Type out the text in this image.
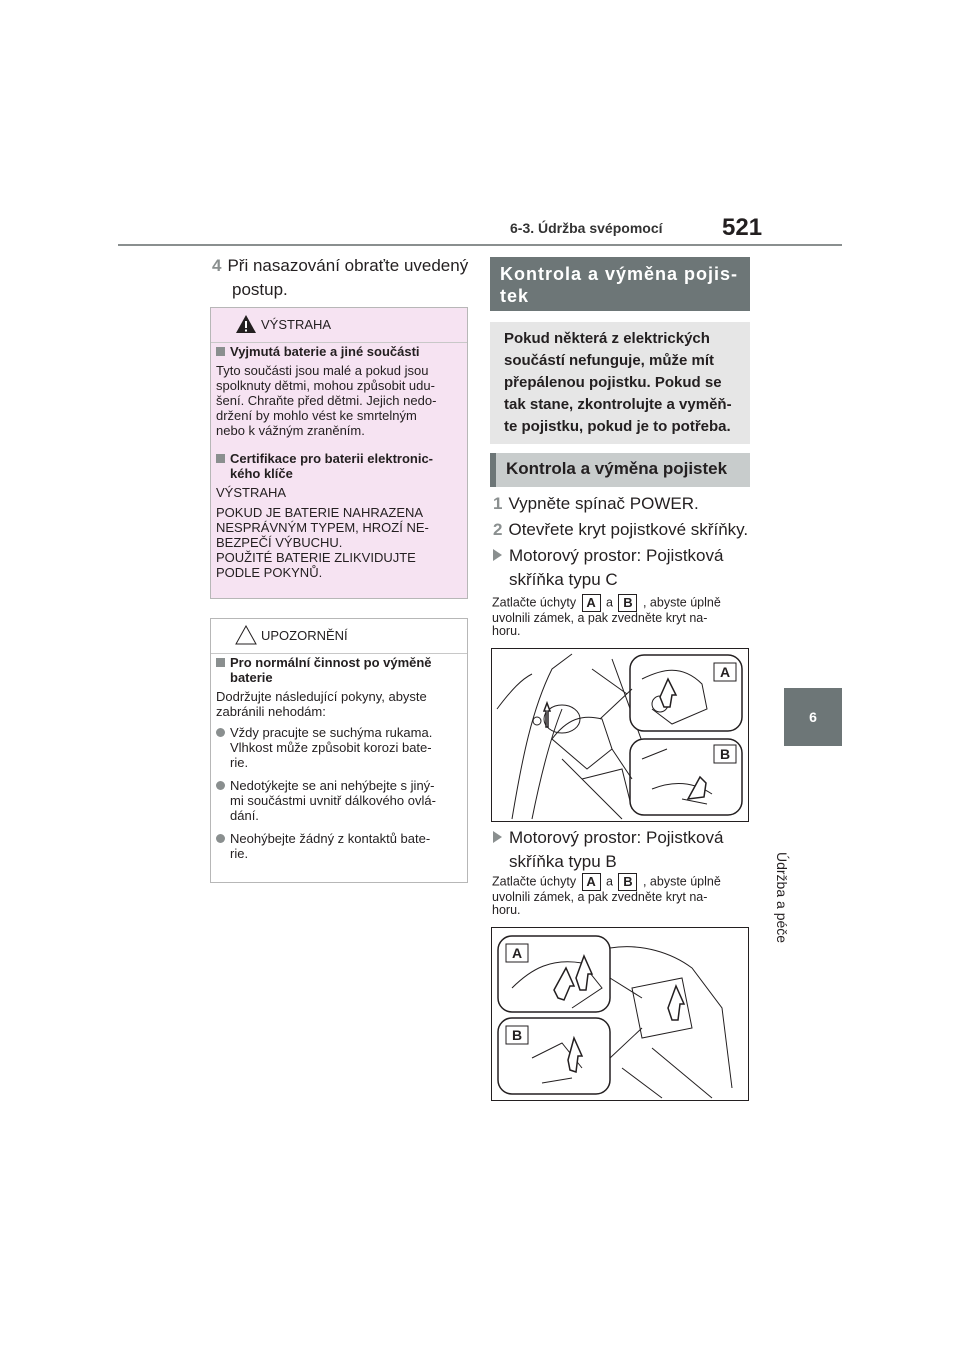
6-3. Údržba svépomocí 521
6
Údržba a péče
4 Při nasazování obraťte uvedený
postup.
VÝSTRAHA
Vyjmutá baterie a jiné součásti
Tyto součásti jsou malé a pokud jsou
spolknuty dětmi, mohou způsobit udu-
šení. Chraňte před dětmi. Jejich nedo-
držení by mohlo vést ke smrtelným
nebo k vážným zraněním.
Certifikace pro baterii elektronic-
kého klíče
VÝSTRAHA
POKUD JE BATERIE NAHRAZENA
NESPRÁVNÝM TYPEM, HROZÍ NE-
BEZPEČÍ VÝBUCHU.
POUŽITÉ BATERIE ZLIKVIDUJTE
PODLE POKYNŮ.
UPOZORNĚNÍ
Pro normální činnost po výměně
baterie
Dodržujte následující pokyny, abyste
zabránili nehodám:
Vždy pracujte se suchýma rukama.
Vlhkost může způsobit korozi bate-
rie.
Nedotýkejte se ani nehýbejte s jiný-
mi součástmi uvnitř dálkového ovlá-
dání.
Neohýbejte žádný z kontaktů bate-
rie.
Kontrola a výměna pojis-
tek
Pokud některá z elektrických
součástí nefunguje, může mít
přepálenou pojistku. Pokud se
tak stane, zkontrolujte a vyměň-
te pojistku, pokud je to potřeba.
Kontrola a výměna pojistek
1 Vypněte spínač POWER.
2 Otevřete kryt pojistkové skříňky.
Motorový prostor: Pojistková
skříňka typu C
Zatlačte úchyty A a B , abyste úplně
uvolnili zámek, a pak zvedněte kryt na-
horu.
A
B
Motorový prostor: Pojistková
skříňka typu B
Zatlačte úchyty A a B , abyste úplně
uvolnili zámek, a pak zvedněte kryt na-
horu.
A
B
